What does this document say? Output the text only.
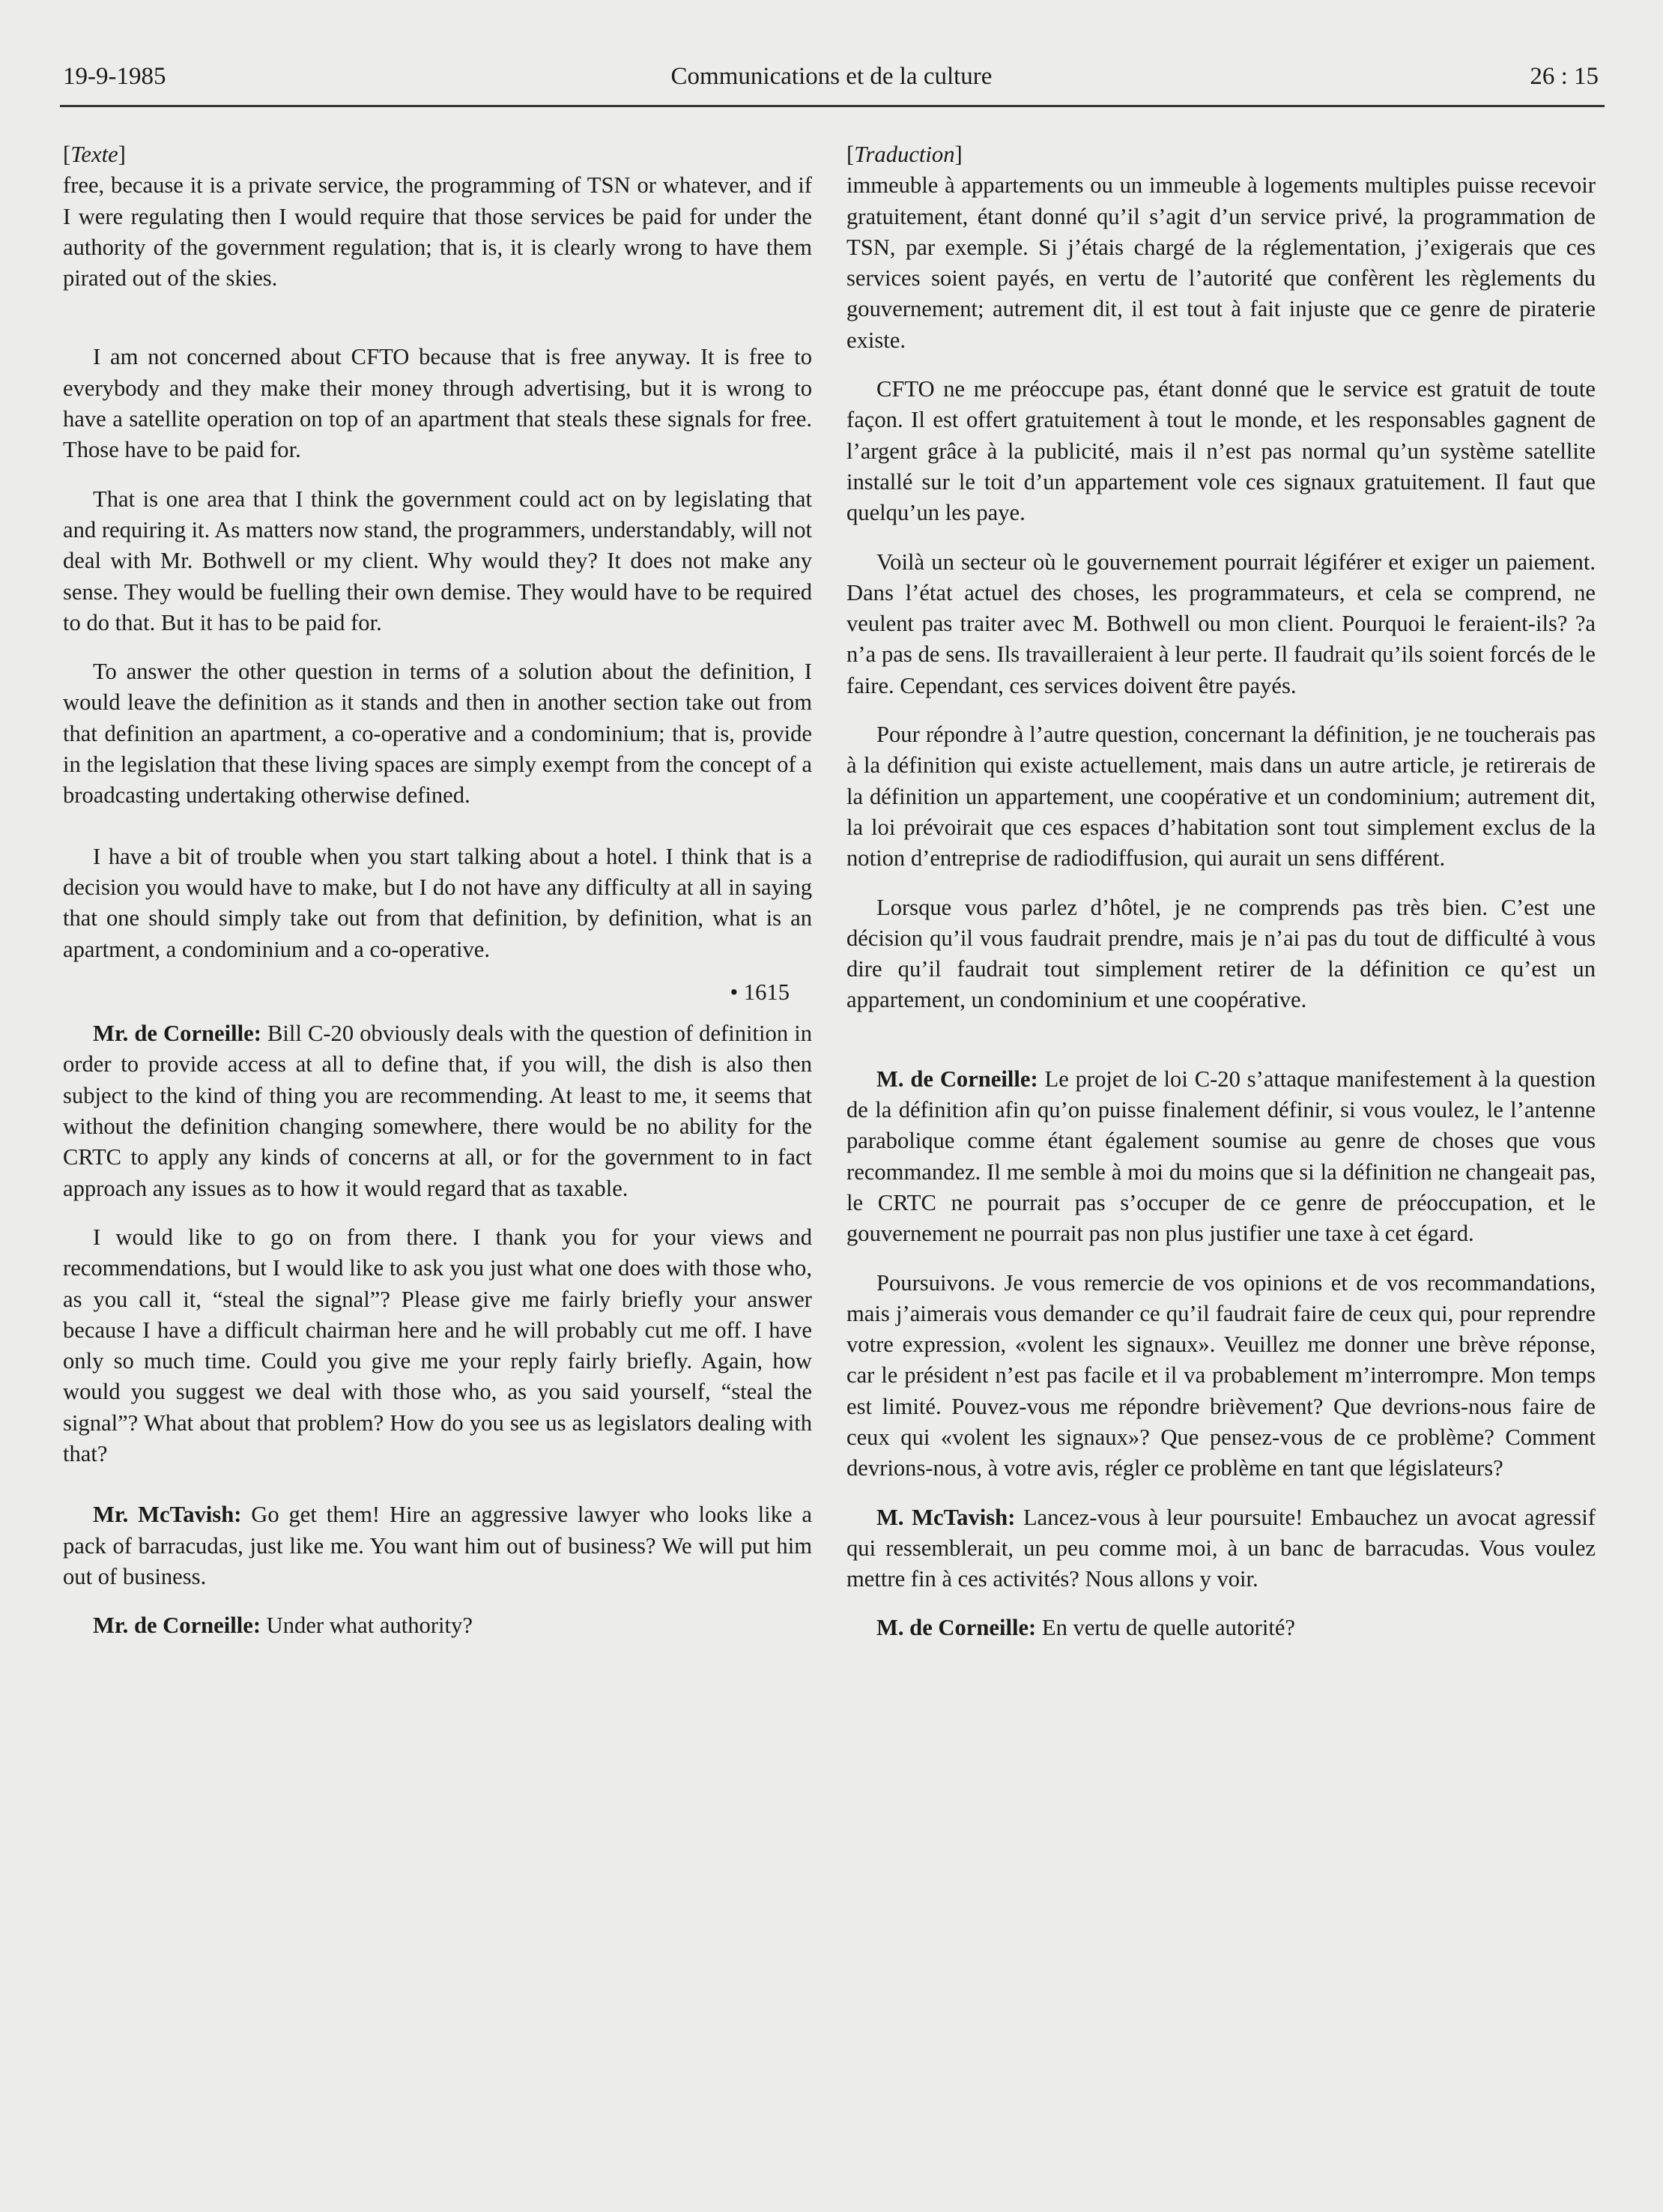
19-9-1985	Communications et de la culture	26 : 15

[Texte]

free, because it is a private service, the programming of TSN or whatever, and if I were regulating then I would require that those services be paid for under the authority of the government regulation; that is, it is clearly wrong to have them pirated out of the skies.

I am not concerned about CFTO because that is free anyway. It is free to everybody and they make their money through advertising, but it is wrong to have a satellite operation on top of an apartment that steals these signals for free. Those have to be paid for.

That is one area that I think the government could act on by legislating that and requiring it. As matters now stand, the programmers, understandably, will not deal with Mr. Bothwell or my client. Why would they? It does not make any sense. They would be fuelling their own demise. They would have to be required to do that. But it has to be paid for.

To answer the other question in terms of a solution about the definition, I would leave the definition as it stands and then in another section take out from that definition an apartment, a co-operative and a condominium; that is, provide in the legislation that these living spaces are simply exempt from the concept of a broadcasting undertaking otherwise defined.

I have a bit of trouble when you start talking about a hotel. I think that is a decision you would have to make, but I do not have any difficulty at all in saying that one should simply take out from that definition, by definition, what is an apartment, a condominium and a co-operative.

• 1615

Mr. de Corneille: Bill C-20 obviously deals with the question of definition in order to provide access at all to define that, if you will, the dish is also then subject to the kind of thing you are recommending. At least to me, it seems that without the definition changing somewhere, there would be no ability for the CRTC to apply any kinds of concerns at all, or for the government to in fact approach any issues as to how it would regard that as taxable.

I would like to go on from there. I thank you for your views and recommendations, but I would like to ask you just what one does with those who, as you call it, “steal the signal”? Please give me fairly briefly your answer because I have a difficult chairman here and he will probably cut me off. I have only so much time. Could you give me your reply fairly briefly. Again, how would you suggest we deal with those who, as you said yourself, “steal the signal”? What about that problem? How do you see us as legislators dealing with that?

Mr. McTavish: Go get them! Hire an aggressive lawyer who looks like a pack of barracudas, just like me. You want him out of business? We will put him out of business.

Mr. de Corneille: Under what authority?

[Traduction]

immeuble à appartements ou un immeuble à logements multiples puisse recevoir gratuitement, étant donné qu’il s’agit d’un service privé, la programmation de TSN, par exemple. Si j’étais chargé de la réglementation, j’exigerais que ces services soient payés, en vertu de l’autorité que confèrent les règlements du gouvernement; autrement dit, il est tout à fait injuste que ce genre de piraterie existe.

CFTO ne me préoccupe pas, étant donné que le service est gratuit de toute façon. Il est offert gratuitement à tout le monde, et les responsables gagnent de l’argent grâce à la publicité, mais il n’est pas normal qu’un système satellite installé sur le toit d’un appartement vole ces signaux gratuitement. Il faut que quelqu’un les paye.

Voilà un secteur où le gouvernement pourrait légiférer et exiger un paiement. Dans l’état actuel des choses, les programmateurs, et cela se comprend, ne veulent pas traiter avec M. Bothwell ou mon client. Pourquoi le feraient-ils? ?a n’a pas de sens. Ils travailleraient à leur perte. Il faudrait qu’ils soient forcés de le faire. Cependant, ces services doivent être payés.

Pour répondre à l’autre question, concernant la définition, je ne toucherais pas à la définition qui existe actuellement, mais dans un autre article, je retirerais de la définition un appartement, une coopérative et un condominium; autrement dit, la loi prévoirait que ces espaces d’habitation sont tout simplement exclus de la notion d’entreprise de radiodiffusion, qui aurait un sens différent.

Lorsque vous parlez d’hôtel, je ne comprends pas très bien. C’est une décision qu’il vous faudrait prendre, mais je n’ai pas du tout de difficulté à vous dire qu’il faudrait tout simplement retirer de la définition ce qu’est un appartement, un condominium et une coopérative.

M. de Corneille: Le projet de loi C-20 s’attaque manifestement à la question de la définition afin qu’on puisse finalement définir, si vous voulez, le l’antenne parabolique comme étant également soumise au genre de choses que vous recommandez. Il me semble à moi du moins que si la définition ne changeait pas, le CRTC ne pourrait pas s’occuper de ce genre de préoccupation, et le gouvernement ne pourrait pas non plus justifier une taxe à cet égard.

Poursuivons. Je vous remercie de vos opinions et de vos recommandations, mais j’aimerais vous demander ce qu’il faudrait faire de ceux qui, pour reprendre votre expression, «volent les signaux». Veuillez me donner une brève réponse, car le président n’est pas facile et il va probablement m’interrompre. Mon temps est limité. Pouvez-vous me répondre brièvement? Que devrions-nous faire de ceux qui «volent les signaux»? Que pensez-vous de ce problème? Comment devrions-nous, à votre avis, régler ce problème en tant que législateurs?

M. McTavish: Lancez-vous à leur poursuite! Embauchez un avocat agressif qui ressemblerait, un peu comme moi, à un banc de barracudas. Vous voulez mettre fin à ces activités? Nous allons y voir.

M. de Corneille: En vertu de quelle autorité?
